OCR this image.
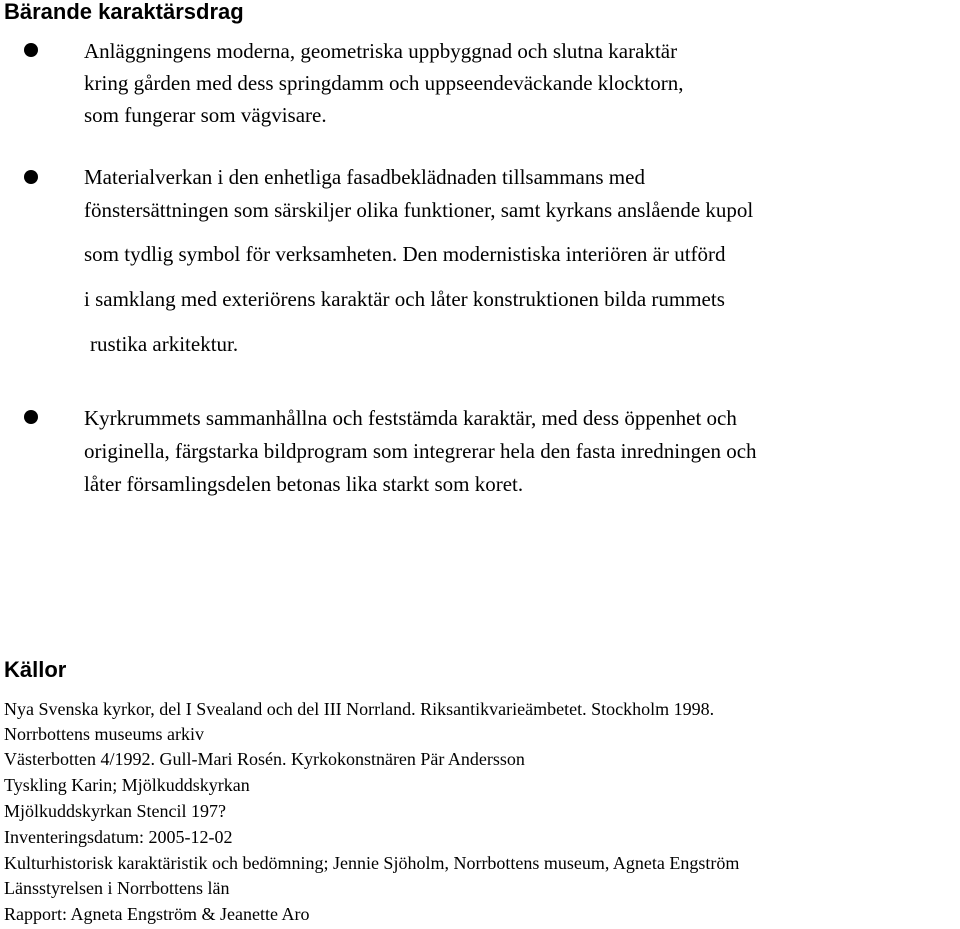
Bärande karaktärsdrag
Anläggningens moderna, geometriska uppbyggnad och slutna karaktär
kring gården med dess springdamm och uppseendeväckande klocktorn,
som fungerar som vägvisare.
Materialverkan i den enhetliga fasadbeklädnaden tillsammans med
fönstersättningen som särskiljer olika funktioner, samt kyrkans anslående kupol
som tydlig symbol för verksamheten. Den modernistiska interiören är utförd
i samklang med exteriörens karaktär och låter konstruktionen bilda rummets
rustika arkitektur.
Kyrkrummets sammanhållna och feststämda karaktär, med dess öppenhet och
originella, färgstarka bildprogram som integrerar hela den fasta inredningen och
låter församlingsdelen betonas lika starkt som koret.
Källor
Nya Svenska kyrkor, del I Svealand och del III Norrland. Riksantikvarieämbetet. Stockholm 1998.
Norrbottens museums arkiv
Västerbotten 4/1992. Gull-Mari Rosén. Kyrkokonstnären Pär Andersson
Tyskling Karin; Mjölkuddskyrkan
Mjölkuddskyrkan Stencil 197?
Inventeringsdatum: 2005-12-02
Kulturhistorisk karaktäristik och bedömning; Jennie Sjöholm, Norrbottens museum, Agneta Engström
Länsstyrelsen i Norrbottens län
Rapport: Agneta Engström & Jeanette Aro
